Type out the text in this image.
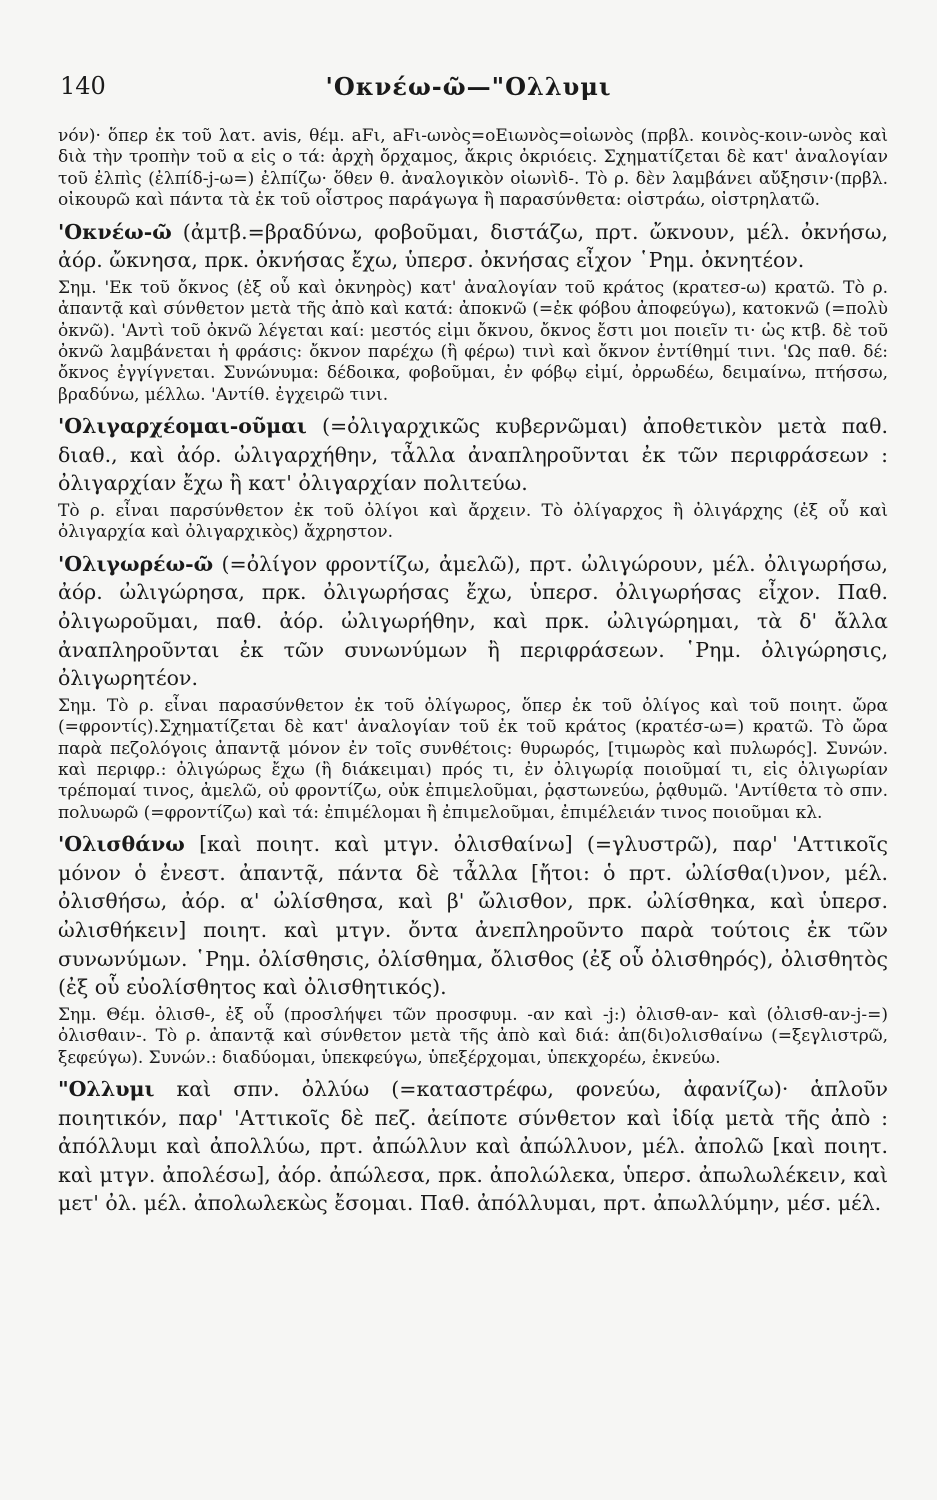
140	'Οκνέω-ῶ—"Ολλυμι

νόν)· ὅπερ ἐκ τοῦ λατ. avis, θέμ. aFι, aFι-ωνὸς=οEιωνὸς=οἰωνὸς (πρβλ. κοινὸς-κοιν-ωνὸς καὶ διὰ τὴν τροπὴν τοῦ α εἰς ο τά: ἀρχὴ ὄρχαμος, ἄκρις ὀκριόεις. Σχηματίζεται δὲ κατ' ἀναλογίαν τοῦ ἐλπὶς (ἐλπίδ-j-ω=) ἐλπίζω· ὅθεν θ. ἀναλογικὸν οἰωνὶδ-. Τὸ ρ. δὲν λαμβάνει αὔξησιν·(πρβλ. οἰκουρῶ καὶ πάντα τὰ ἐκ τοῦ οἶστρος παράγωγα ἢ παρασύνθετα: οἰστράω, οἰστρηλατῶ.

'Οκνέω-ῶ (ἀμτβ.=βραδύνω, φοβοῦμαι, διστάζω, πρτ. ὤκνουν, μέλ. ὀκνήσω, ἀόρ. ὤκνησα, πρκ. ὀκνήσας ἔχω, ὑπερσ. ὀκνήσας εἶχον ῾Ρημ. ὀκνητέον.

Σημ. 'Εκ τοῦ ὄκνος (ἐξ οὗ καὶ ὀκνηρὸς) κατ' ἀναλογίαν τοῦ κράτος (κρατεσ-ω) κρατῶ. Τὸ ρ. ἀπαντᾷ καὶ σύνθετον μετὰ τῆς ἀπὸ καὶ κατά: ἀποκνῶ (=ἐκ φόβου ἀποφεύγω), κατοκνῶ (=πολὺ ὀκνῶ). 'Αντὶ τοῦ ὀκνῶ λέγεται καί: μεστός εἰμι ὄκνου, ὄκνος ἔστι μοι ποιεῖν τι· ὡς κτβ. δὲ τοῦ ὀκνῶ λαμβάνεται ἡ φράσις: ὄκνον παρέχω (ἢ φέρω) τινὶ καὶ ὄκνον ἐντίθημί τινι. 'Ως παθ. δέ: ὄκνος ἐγγίγνεται. Συνώνυμα: δέδοικα, φοβοῦμαι, ἐν φόβῳ εἰμί, ὀρρωδέω, δειμαίνω, πτήσσω, βραδύνω, μέλλω. 'Αντίθ. ἐγχειρῶ τινι.

'Ολιγαρχέομαι-οῦμαι (=ὀλιγαρχικῶς κυβερνῶμαι) ἀποθετικὸν μετὰ παθ. διαθ., καὶ ἀόρ. ὠλιγαρχήθην, τἆλλα ἀναπληροῦνται ἐκ τῶν περιφράσεων : ὀλιγαρχίαν ἔχω ἢ κατ' ὀλιγαρχίαν πολιτεύω.

Τὸ ρ. εἶναι παρσύνθετον ἐκ τοῦ ὀλίγοι καὶ ἄρχειν. Τὸ ὀλίγαρχος ἢ ὀλιγάρχης (ἐξ οὗ καὶ ὀλιγαρχία καὶ ὀλιγαρχικὸς) ἄχρηστον.

'Ολιγωρέω-ῶ (=ὀλίγον φροντίζω, ἀμελῶ), πρτ. ὠλιγώρουν, μέλ. ὀλιγωρήσω, ἀόρ. ὠλιγώρησα, πρκ. ὀλιγωρήσας ἔχω, ὑπερσ. ὀλιγωρήσας εἶχον. Παθ. ὀλιγωροῦμαι, παθ. ἀόρ. ὠλιγωρήθην, καὶ πρκ. ὠλιγώρημαι, τὰ δ' ἄλλα ἀναπληροῦνται ἐκ τῶν συνωνύμων ἢ περιφράσεων. ῾Ρημ. ὀλιγώρησις, ὀλιγωρητέον.

Σημ. Τὸ ρ. εἶναι παρασύνθετον ἐκ τοῦ ὀλίγωρος, ὅπερ ἐκ τοῦ ὀλίγος καὶ τοῦ ποιητ. ὤρα (=φροντίς).Σχηματίζεται δὲ κατ' ἀναλογίαν τοῦ ἐκ τοῦ κράτος (κρατέσ-ω=) κρατῶ. Τὸ ὤρα παρὰ πεζολόγοις ἀπαντᾷ μόνον ἐν τοῖς συνθέτοις: θυρωρός, [τιμωρὸς καὶ πυλωρός]. Συνών. καὶ περιφρ.: ὀλιγώρως ἔχω (ἢ διάκειμαι) πρός τι, ἐν ὀλιγωρίᾳ ποιοῦμαί τι, εἰς ὀλιγωρίαν τρέπομαί τινος, ἀμελῶ, οὐ φροντίζω, οὐκ ἐπιμελοῦμαι, ῥᾳστωνεύω, ῥᾳθυμῶ. 'Αντίθετα τὸ σπν. πολυωρῶ (=φροντίζω) καὶ τά: ἐπιμέλομαι ἢ ἐπιμελοῦμαι, ἐπιμέλειάν τινος ποιοῦμαι κλ.

'Ολισθάνω [καὶ ποιητ. καὶ μτγν. ὀλισθαίνω] (=γλυστρῶ), παρ' 'Αττικοῖς μόνον ὁ ἐνεστ. ἀπαντᾷ, πάντα δὲ τἆλλα [ἤτοι: ὁ πρτ. ὠλίσθα(ι)νον, μέλ. ὀλισθήσω, ἀόρ. α' ὠλίσθησα, καὶ β' ὤλισθον, πρκ. ὠλίσθηκα, καὶ ὑπερσ. ὠλισθήκειν] ποιητ. καὶ μτγν. ὄντα ἀνεπληροῦντο παρὰ τούτοις ἐκ τῶν συνωνύμων. ῾Ρημ. ὀλίσθησις, ὀλίσθημα, ὄλισθος (ἐξ οὗ ὀλισθηρός), ὀλισθητὸς (ἐξ οὗ εὐολίσθητος καὶ ὀλισθητικός).

Σημ. Θέμ. ὀλισθ-, ἐξ οὗ (προσλήψει τῶν προσφυμ. -αν καὶ -j:) ὀλισθ-αν- καὶ (ὀλισθ-αν-j-=) ὀλισθαιν-. Τὸ ρ. ἀπαντᾷ καὶ σύνθετον μετὰ τῆς ἀπὸ καὶ διά: ἀπ(δι)ολισθαίνω (=ξεγλιστρῶ, ξεφεύγω). Συνών.: διαδύομαι, ὑπεκφεύγω, ὑπεξέρχομαι, ὑπεκχορέω, ἐκνεύω.

"Ολλυμι καὶ σπν. ὀλλύω (=καταστρέφω, φονεύω, ἀφανίζω)· ἁπλοῦν ποιητικόν, παρ' 'Αττικοῖς δὲ πεζ. ἀείποτε σύνθετον καὶ ἰδίᾳ μετὰ τῆς ἀπὸ : ἀπόλλυμι καὶ ἀπολλύω, πρτ. ἀπώλλυν καὶ ἀπώλλυον, μέλ. ἀπολῶ [καὶ ποιητ. καὶ μτγν. ἀπολέσω], ἀόρ. ἀπώλεσα, πρκ. ἀπολώλεκα, ὑπερσ. ἀπωλωλέκειν, καὶ μετ' ὀλ. μέλ. ἀπολωλεκὼς ἔσομαι. Παθ. ἀπόλλυμαι, πρτ. ἀπωλλύμην, μέσ. μέλ.
